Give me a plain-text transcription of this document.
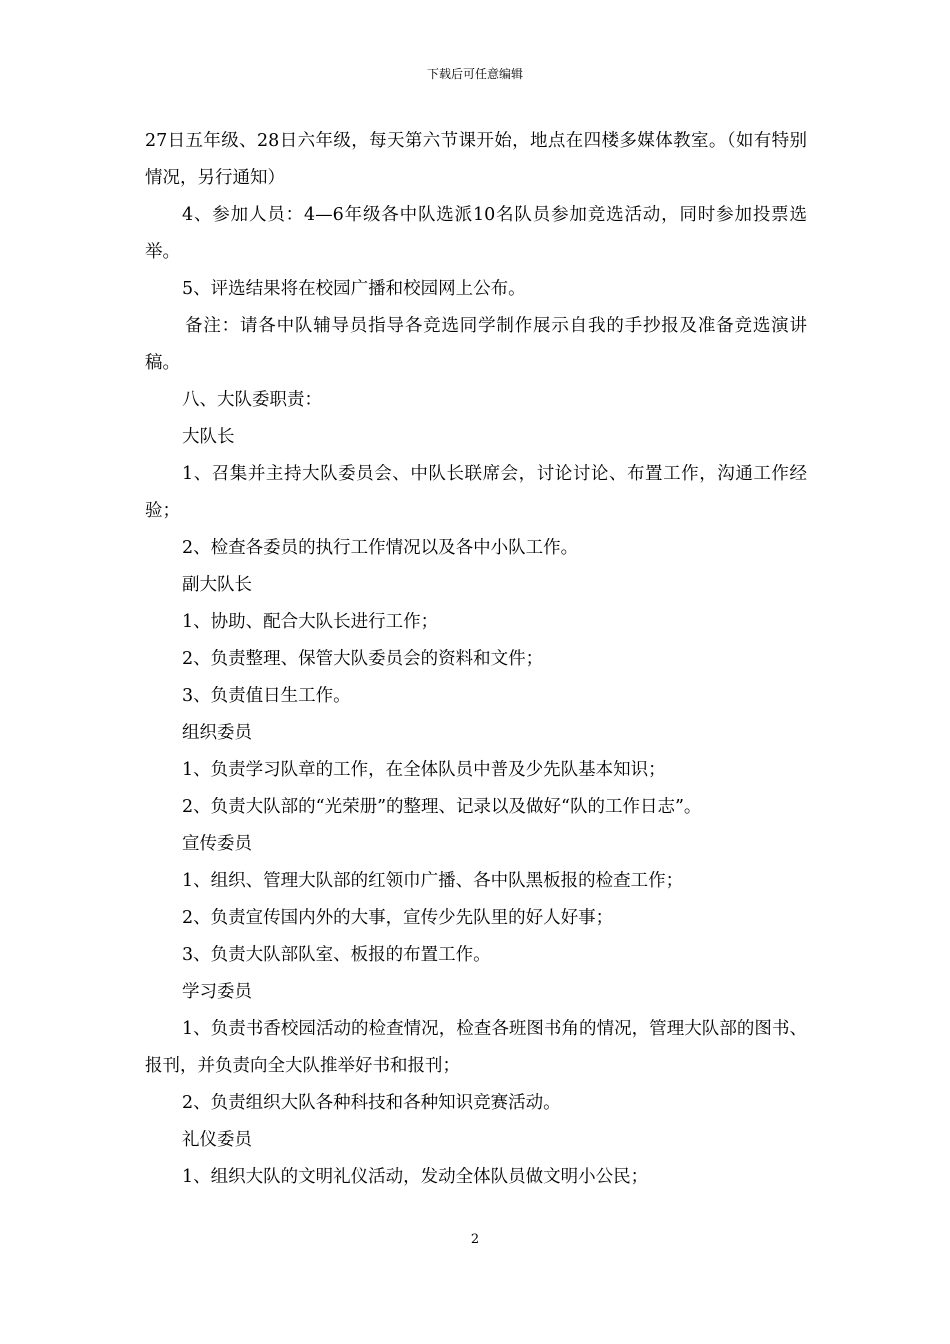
下载后可任意编辑

27日五年级、28日六年级，每天第六节课开始，地点在四楼多媒体教室。（如有特别情况，另行通知）

4、参加人员：4—6年级各中队选派10名队员参加竞选活动，同时参加投票选举。

5、评选结果将在校园广播和校园网上公布。

备注：请各中队辅导员指导各竞选同学制作展示自我的手抄报及准备竞选演讲稿。

八、大队委职责：

大队长

1、召集并主持大队委员会、中队长联席会，讨论讨论、布置工作，沟通工作经验；

2、检查各委员的执行工作情况以及各中小队工作。

副大队长

1、协助、配合大队长进行工作；

2、负责整理、保管大队委员会的资料和文件；

3、负责值日生工作。

组织委员

1、负责学习队章的工作，在全体队员中普及少先队基本知识；

2、负责大队部的“光荣册”的整理、记录以及做好“队的工作日志”。

宣传委员

1、组织、管理大队部的红领巾广播、各中队黑板报的检查工作；

2、负责宣传国内外的大事，宣传少先队里的好人好事；

3、负责大队部队室、板报的布置工作。

学习委员

1、负责书香校园活动的检查情况，检查各班图书角的情况，管理大队部的图书、报刊，并负责向全大队推举好书和报刊；

2、负责组织大队各种科技和各种知识竞赛活动。

礼仪委员

1、组织大队的文明礼仪活动，发动全体队员做文明小公民；

2
